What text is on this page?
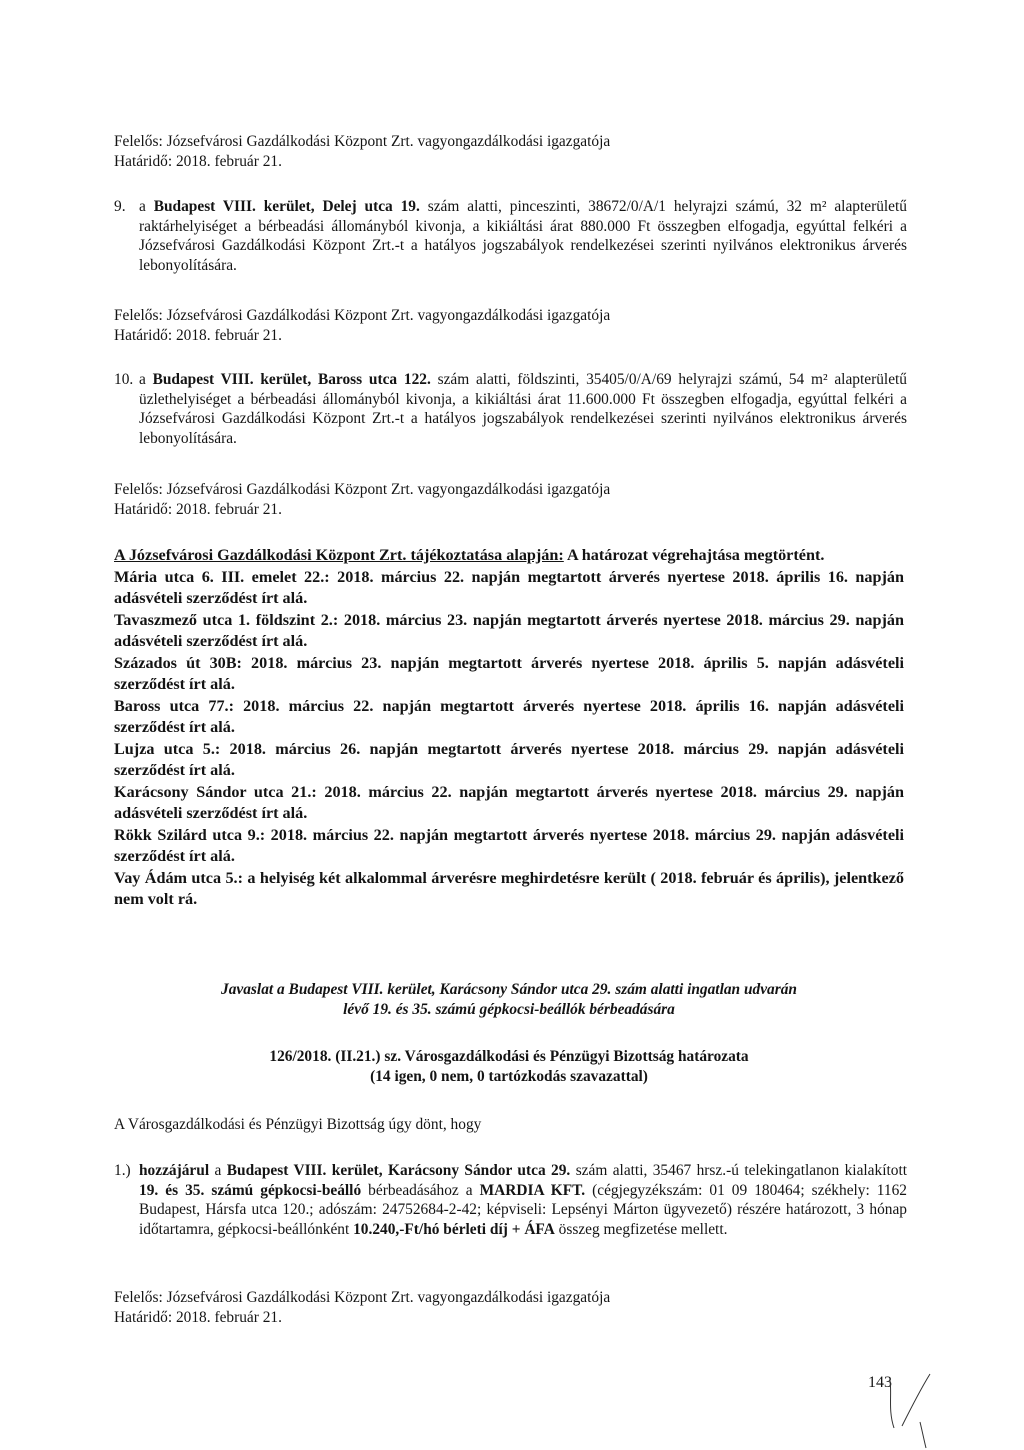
Felelős: Józsefvárosi Gazdálkodási Központ Zrt. vagyongazdálkodási igazgatója

Határidő: 2018. február 21.

9. a Budapest VIII. kerület, Delej utca 19. szám alatti, pinceszinti, 38672/0/A/1 helyrajzi számú, 32 m² alapterületű raktárhelyiséget a bérbeadási állományból kivonja, a kikiáltási árat 880.000 Ft összegben elfogadja, egyúttal felkéri a Józsefvárosi Gazdálkodási Központ Zrt.-t a hatályos jogszabályok rendelkezései szerinti nyilvános elektronikus árverés lebonyolítására.

Felelős: Józsefvárosi Gazdálkodási Központ Zrt. vagyongazdálkodási igazgatója

Határidő: 2018. február 21.

10. a Budapest VIII. kerület, Baross utca 122. szám alatti, földszinti, 35405/0/A/69 helyrajzi számú, 54 m² alapterületű üzlethelyiséget a bérbeadási állományból kivonja, a kikiáltási árat 11.600.000 Ft összegben elfogadja, egyúttal felkéri a Józsefvárosi Gazdálkodási Központ Zrt.-t a hatályos jogszabályok rendelkezései szerinti nyilvános elektronikus árverés lebonyolítására.

Felelős: Józsefvárosi Gazdálkodási Központ Zrt. vagyongazdálkodási igazgatója

Határidő: 2018. február 21.

A Józsefvárosi Gazdálkodási Központ Zrt. tájékoztatása alapján: A határozat végrehajtása megtörtént.
Mária utca 6. III. emelet 22.: 2018. március 22. napján megtartott árverés nyertese 2018. április 16. napján adásvételi szerződést írt alá.
Tavaszmező utca 1. földszint 2.: 2018. március 23. napján megtartott árverés nyertese 2018. március 29. napján adásvételi szerződést írt alá.
Százados út 30B: 2018. március 23. napján megtartott árverés nyertese 2018. április 5. napján adásvételi szerződést írt alá.
Baross utca 77.: 2018. március 22. napján megtartott árverés nyertese 2018. április 16. napján adásvételi szerződést írt alá.
Lujza utca 5.: 2018. március 26. napján megtartott árverés nyertese 2018. március 29. napján adásvételi szerződést írt alá.
Karácsony Sándor utca 21.: 2018. március 22. napján megtartott árverés nyertese 2018. március 29. napján adásvételi szerződést írt alá.
Rökk Szilárd utca 9.: 2018. március 22. napján megtartott árverés nyertese 2018. március 29. napján adásvételi szerződést írt alá.
Vay Ádám utca 5.: a helyiség két alkalommal árverésre meghirdetésre került ( 2018. február és április), jelentkező nem volt rá.
Javaslat a Budapest VIII. kerület, Karácsony Sándor utca 29. szám alatti ingatlan udvarán
lévő 19. és 35. számú gépkocsi-beállók bérbeadására
126/2018. (II.21.) sz. Városgazdálkodási és Pénzügyi Bizottság határozata
(14 igen, 0 nem, 0 tartózkodás szavazattal)
A Városgazdálkodási és Pénzügyi Bizottság úgy dönt, hogy
1.) hozzájárul a Budapest VIII. kerület, Karácsony Sándor utca 29. szám alatti, 35467 hrsz.-ú telekingatlanon kialakított 19. és 35. számú gépkocsi-beálló bérbeadásához a MARDIA KFT. (cégjegyzékszám: 01 09 180464; székhely: 1162 Budapest, Hársfa utca 120.; adószám: 24752684-2-42; képviseli: Lepsényi Márton ügyvezető) részére határozott, 3 hónap időtartamra, gépkocsi-beállónként 10.240,-Ft/hó bérleti díj + ÁFA összeg megfizetése mellett.

Felelős: Józsefvárosi Gazdálkodási Központ Zrt. vagyongazdálkodási igazgatója

Határidő: 2018. február 21.

143
